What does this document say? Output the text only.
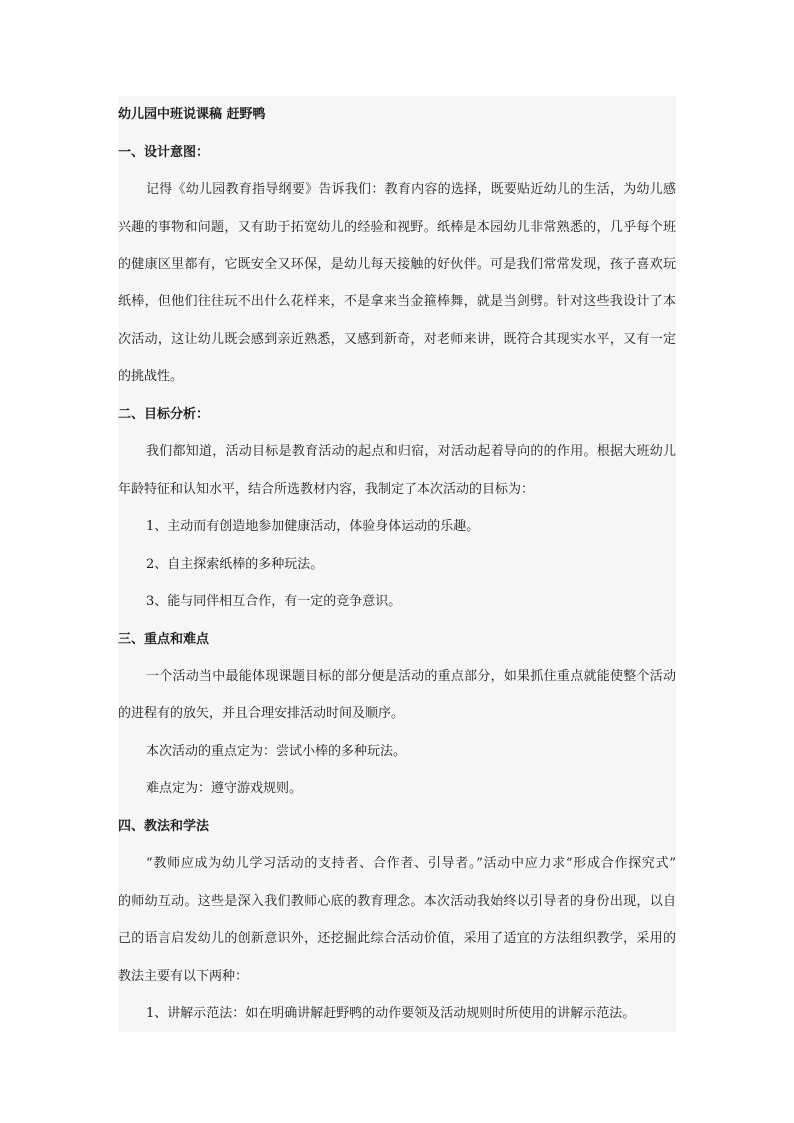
幼儿园中班说课稿 赶野鸭
一、设计意图：
记得《幼儿园教育指导纲要》告诉我们：教育内容的选择，既要贴近幼儿的生活，为幼儿感
兴趣的事物和问题，又有助于拓宽幼儿的经验和视野。纸棒是本园幼儿非常熟悉的，几乎每个班
的健康区里都有，它既安全又环保，是幼儿每天接触的好伙伴。可是我们常常发现，孩子喜欢玩
纸棒，但他们往往玩不出什么花样来，不是拿来当金箍棒舞，就是当剑劈。针对这些我设计了本
次活动，这让幼儿既会感到亲近熟悉，又感到新奇，对老师来讲，既符合其现实水平，又有一定
的挑战性。
二、目标分析：
我们都知道，活动目标是教育活动的起点和归宿，对活动起着导向的的作用。根据大班幼儿
年龄特征和认知水平，结合所选教材内容，我制定了本次活动的目标为：
1、主动而有创造地参加健康活动，体验身体运动的乐趣。
2、自主探索纸棒的多种玩法。
3、能与同伴相互合作，有一定的竞争意识。
三、重点和难点
一个活动当中最能体现课题目标的部分便是活动的重点部分，如果抓住重点就能使整个活动
的进程有的放矢，并且合理安排活动时间及顺序。
本次活动的重点定为：尝试小棒的多种玩法。
难点定为：遵守游戏规则。
四、教法和学法
“教师应成为幼儿学习活动的支持者、合作者、引导者。”活动中应力求“形成合作探究式”
的师幼互动。这些是深入我们教师心底的教育理念。本次活动我始终以引导者的身份出现，以自
己的语言启发幼儿的创新意识外，还挖掘此综合活动价值，采用了适宜的方法组织教学，采用的
教法主要有以下两种：
1、讲解示范法：如在明确讲解赶野鸭的动作要领及活动规则时所使用的讲解示范法。
